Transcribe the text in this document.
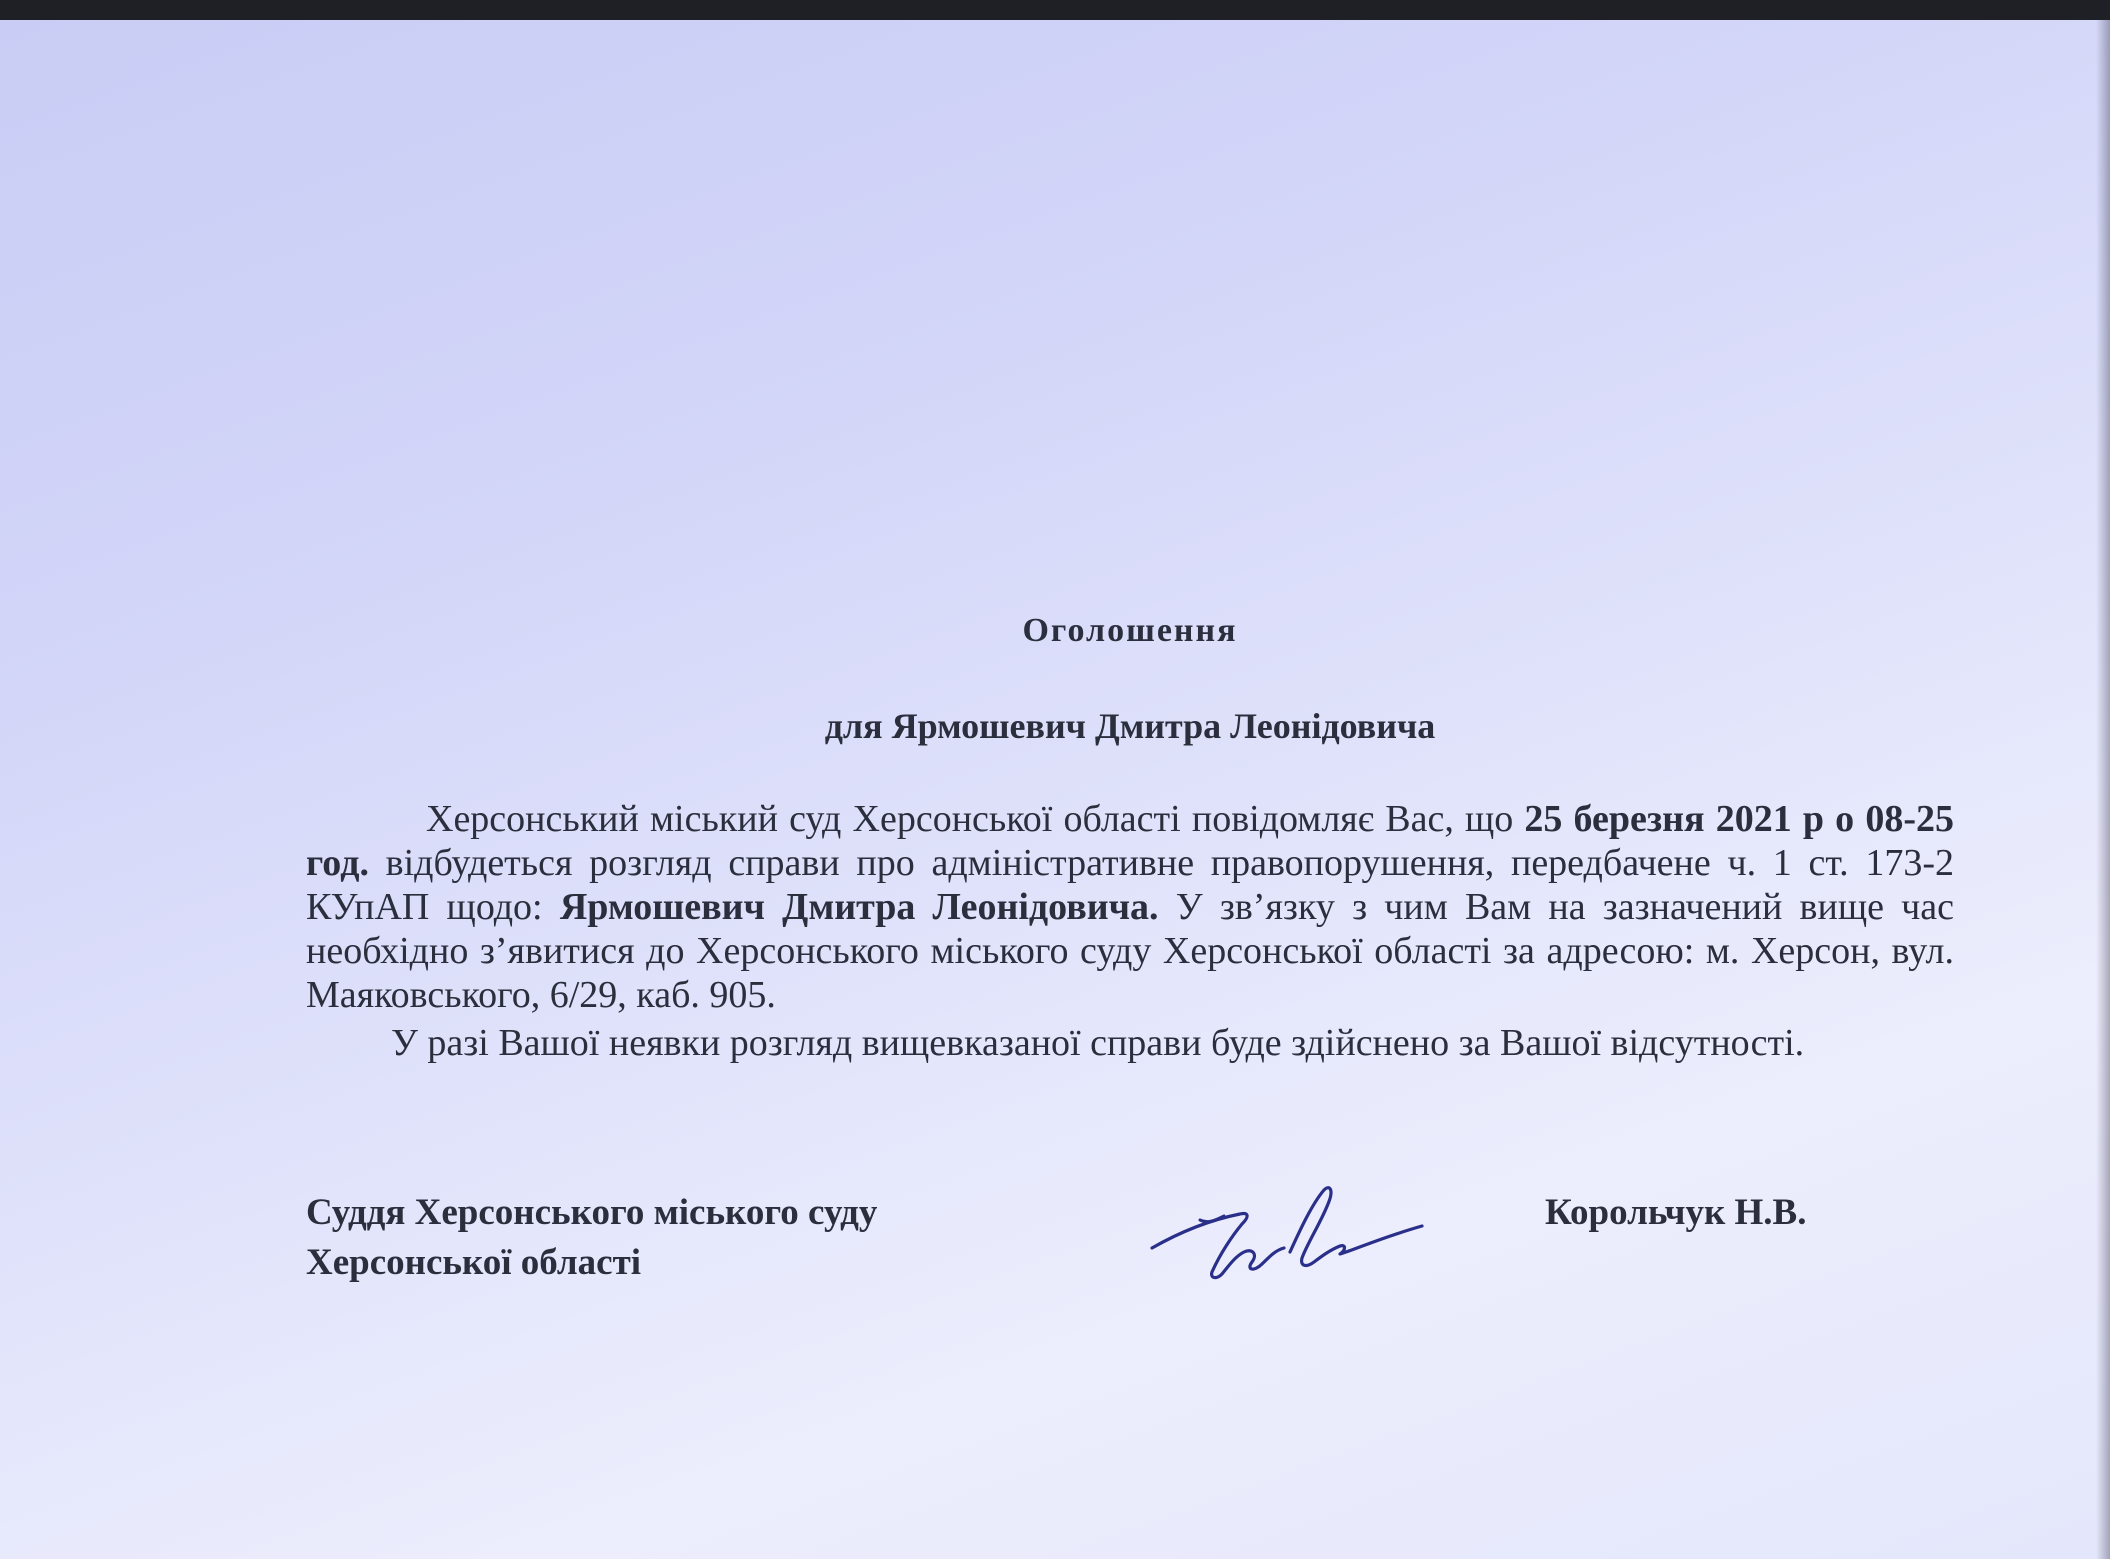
Оголошення
для Ярмошевич Дмитра Леонідовича

Херсонський міський суд Херсонської області повідомляє Вас, що 25 березня 2021 р о 08-25 год. відбудеться розгляд справи про адміністративне правопорушення, передбачене ч. 1 ст. 173-2 КУпАП щодо: Ярмошевич Дмитра Леонідовича. У зв’язку з чим Вам на зазначений вище час необхідно з’явитися до Херсонського міського суду Херсонської області за адресою: м. Херсон, вул. Маяковського, 6/29, каб. 905.

У разі Вашої неявки розгляд вищевказаної справи буде здійснено за Вашої відсутності.

Суддя Херсонського міського суду
Херсонської області
Корольчук Н.В.
